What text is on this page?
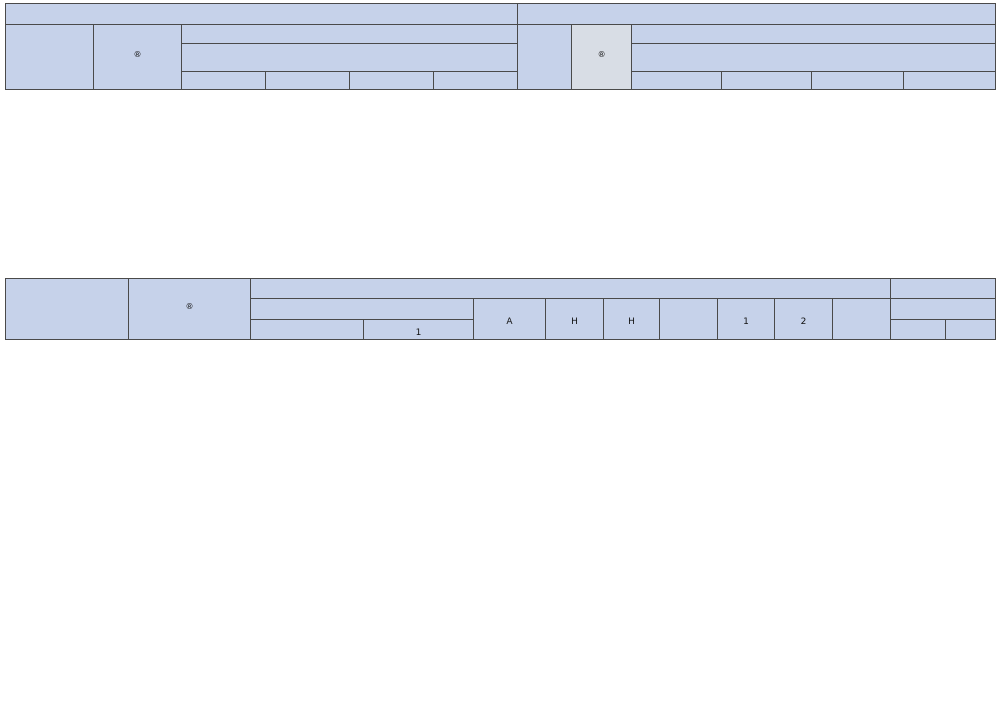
	®						®

	®

				$_A$	$_H$	$_H$		$_1$	$_2$		
			$_1$		
